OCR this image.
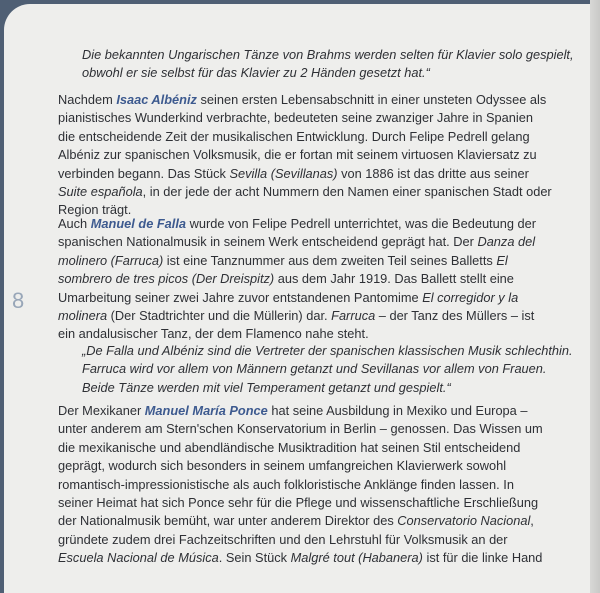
8

Die bekannten Ungarischen Tänze von Brahms werden selten für Klavier solo gespielt, obwohl er sie selbst für das Klavier zu 2 Händen gesetzt hat.“

Nachdem Isaac Albéniz seinen ersten Lebensabschnitt in einer unsteten Odyssee als pianistisches Wunderkind verbrachte, bedeuteten seine zwanziger Jahre in Spanien die entscheidende Zeit der musikalischen Entwicklung. Durch Felipe Pedrell gelang Albéniz zur spanischen Volksmusik, die er fortan mit seinem virtuosen Klaviersatz zu verbinden begann. Das Stück Sevilla (Sevillanas) von 1886 ist das dritte aus seiner Suite española, in der jede der acht Nummern den Namen einer spanischen Stadt oder Region trägt.

Auch Manuel de Falla wurde von Felipe Pedrell unterrichtet, was die Bedeutung der spanischen Nationalmusik in seinem Werk entscheidend geprägt hat. Der Danza del molinero (Farruca) ist eine Tanznummer aus dem zweiten Teil seines Balletts El sombrero de tres picos (Der Dreispitz) aus dem Jahr 1919. Das Ballett stellt eine Umarbeitung seiner zwei Jahre zuvor entstandenen Pantomime El corregidor y la molinera (Der Stadtrichter und die Müllerin) dar. Farruca – der Tanz des Müllers – ist ein andalusischer Tanz, der dem Flamenco nahe steht.

„De Falla und Albéniz sind die Vertreter der spanischen klassischen Musik schlechthin. Farruca wird vor allem von Männern getanzt und Sevillanas vor allem von Frauen. Beide Tänze werden mit viel Temperament getanzt und gespielt.“

Der Mexikaner Manuel María Ponce hat seine Ausbildung in Mexiko und Europa – unter anderem am Stern'schen Konservatorium in Berlin – genossen. Das Wissen um die mexikanische und abendländische Musiktradition hat seinen Stil entscheidend geprägt, wodurch sich besonders in seinem umfangreichen Klavierwerk sowohl romantisch-impressionistische als auch folkloristische Anklänge finden lassen. In seiner Heimat hat sich Ponce sehr für die Pflege und wissenschaftliche Erschließung der Nationalmusik bemüht, war unter anderem Direktor des Conservatorio Nacional, gründete zudem drei Fachzeitschriften und den Lehrstuhl für Volksmusik an der Escuela Nacional de Música. Sein Stück Malgré tout (Habanera) ist für die linke Hand
